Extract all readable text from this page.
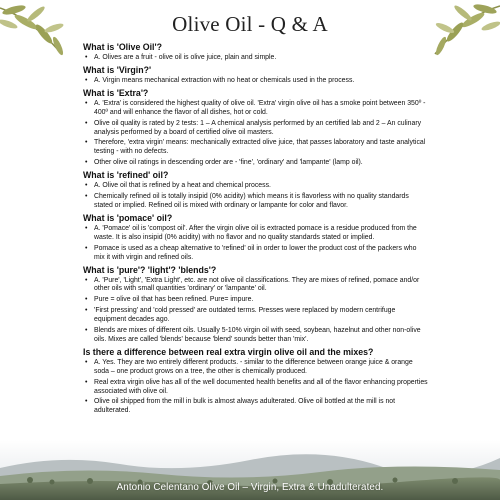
Olive Oil - Q & A
What is 'Olive Oil'?
• A. Olives are a fruit - olive oil is olive juice, plain and simple.
What is 'Virgin?'
• A. Virgin means mechanical extraction with no heat or chemicals used in the process.
What is 'Extra'?
• A. 'Extra' is considered the highest quality of olive oil. 'Extra' virgin olive oil has a smoke point between 350º - 400º and will enhance the flavor of all dishes, hot or cold.
• Olive oil quality is rated by 2 tests: 1 – A chemical analysis performed by an certified lab and 2 – An culinary analysis performed by a board of certified olive oil masters.
• Therefore, 'extra virgin' means: mechanically extracted olive juice, that passes laboratory and taste analytical testing - with no defects.
• Other olive oil ratings in descending order are - 'fine', 'ordinary' and 'lampante' (lamp oil).
What is 'refined' oil?
• A. Olive oil that is refined by a heat and chemical process.
• Chemically refined oil is totally insipid (0% acidity) which means it is flavorless with no quality standards stated or implied. Refined oil is mixed with ordinary or lampante for color and flavor.
What is 'pomace' oil?
• A. 'Pomace' oil is 'compost oil'. After the virgin olive oil is extracted pomace is a residue produced from the waste. It is also insipid (0% acidity) with no flavor and no quality standards stated or implied.
• Pomace is used as a cheap alternative to 'refined' oil in order to lower the product cost of the packers who mix it with virgin and refined oils.
What is 'pure'? 'light'? 'blends'?
• A. 'Pure', 'Light', 'Extra Light', etc. are not olive oil classifications. They are mixes of refined, pomace and/or other oils with small quantities 'ordinary' or 'lampante' oil.
• Pure = olive oil that has been refined. Pure= impure.
• 'First pressing' and 'cold pressed' are outdated terms. Presses were replaced by modern centrifuge equipment decades ago.
• Blends are mixes of different oils. Usually 5-10% virgin oil with seed, soybean, hazelnut and other non-olive oils. Mixes are called 'blends' because 'blend' sounds better than 'mix'.
Is there a difference between real extra virgin olive oil and the mixes?
• A. Yes. They are two entirely different products. - similar to the difference between orange juice & orange soda – one product grows on a tree, the other is chemically produced.
• Real extra virgin olive has all of the well documented health benefits and all of the flavor enhancing properties associated with olive oil.
• Olive oil shipped from the mill in bulk is almost always adulterated. Olive oil bottled at the mill is not adulterated.
Antonio Celentano Olive Oil – Virgin, Extra & Unadulterated.
